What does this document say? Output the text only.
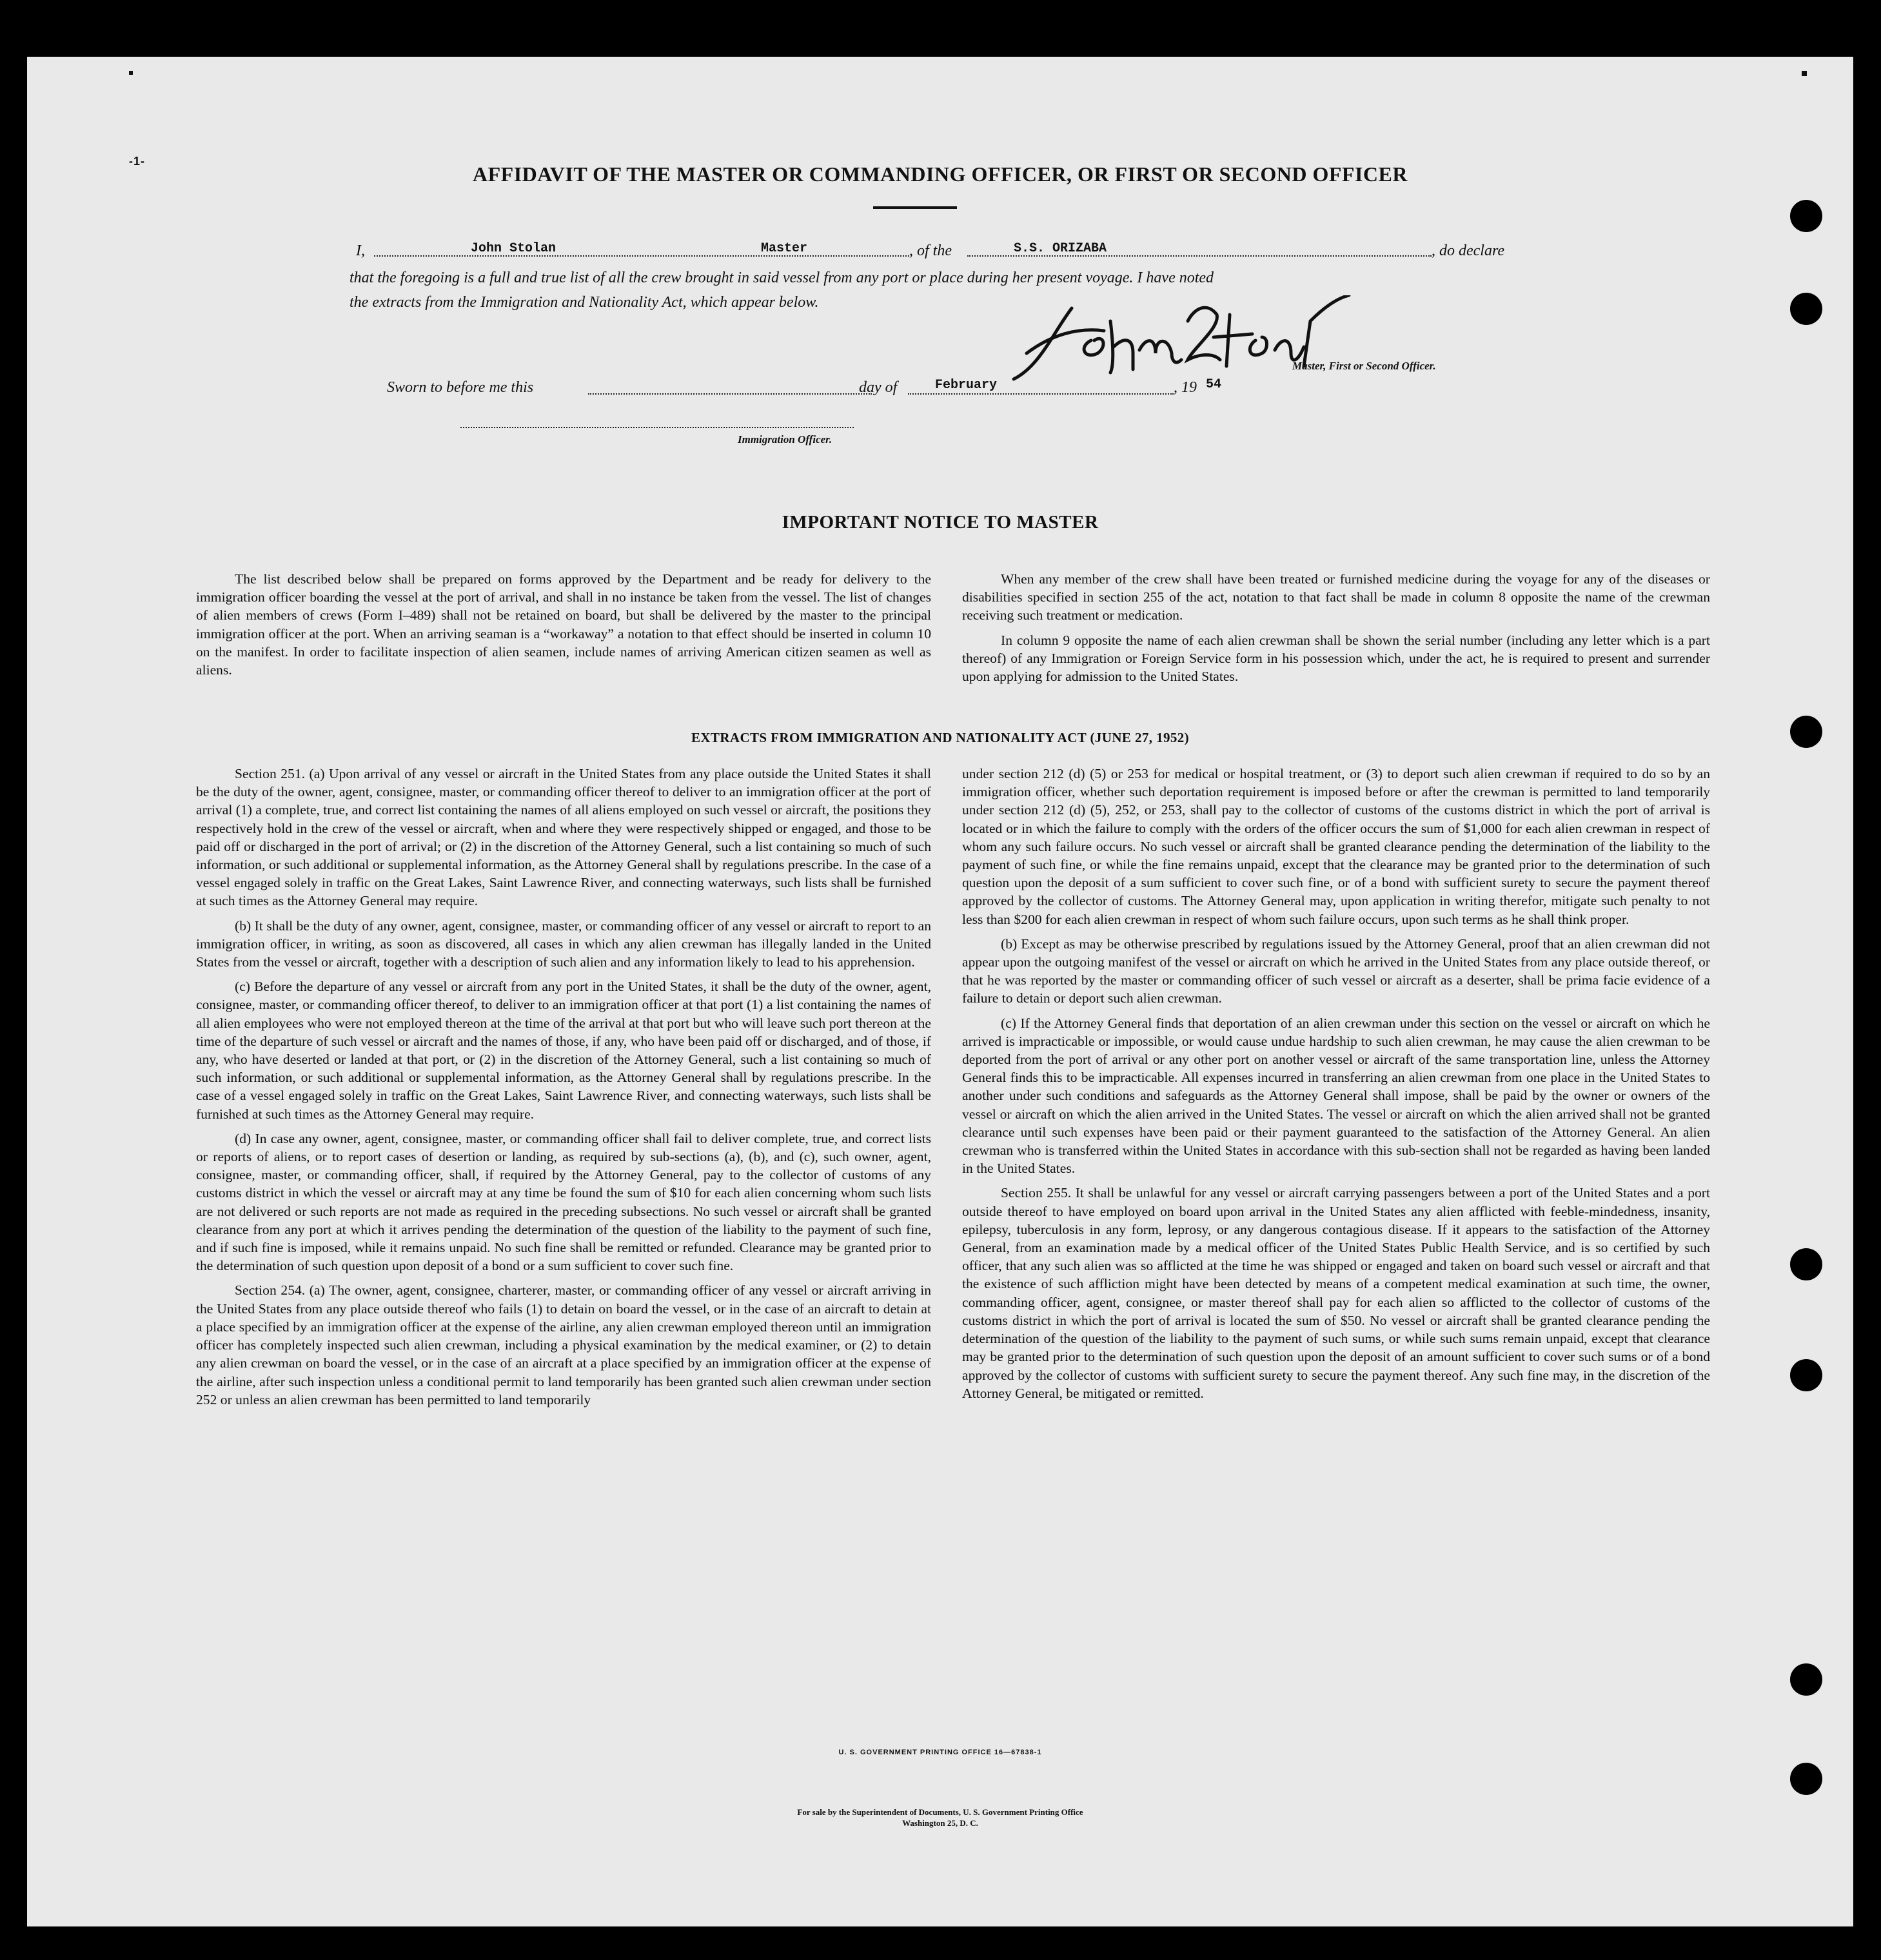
-1-
AFFIDAVIT OF THE MASTER OR COMMANDING OFFICER, OR FIRST OR SECOND OFFICER
I,	John Stolan	Master	, of the	S.S. ORIZABA	, do declare
that the foregoing is a full and true list of all the crew brought in said vessel from any port or place during her present voyage. I have noted
the extracts from the Immigration and Nationality Act, which appear below.
Master, First or Second Officer.
Sworn to before me this	day of	February	, 19 54
Immigration Officer.
IMPORTANT NOTICE TO MASTER

The list described below shall be prepared on forms approved by the Department and be ready for delivery to the immigration officer boarding the vessel at the port of arrival, and shall in no instance be taken from the vessel. The list of changes of alien members of crews (Form I–489) shall not be retained on board, but shall be delivered by the master to the principal immigration officer at the port. When an arriving seaman is a “workaway” a notation to that effect should be inserted in column 10 on the manifest. In order to facilitate inspection of alien seamen, include names of arriving American citizen seamen as well as aliens.

When any member of the crew shall have been treated or furnished medicine during the voyage for any of the diseases or disabilities specified in section 255 of the act, notation to that fact shall be made in column 8 opposite the name of the crewman receiving such treatment or medication.

In column 9 opposite the name of each alien crewman shall be shown the serial number (including any letter which is a part thereof) of any Immigration or Foreign Service form in his possession which, under the act, he is required to present and surrender upon applying for admission to the United States.

EXTRACTS FROM IMMIGRATION AND NATIONALITY ACT (JUNE 27, 1952)

Section 251. (a) Upon arrival of any vessel or aircraft in the United States from any place outside the United States it shall be the duty of the owner, agent, consignee, master, or commanding officer thereof to deliver to an immigration officer at the port of arrival (1) a complete, true, and correct list containing the names of all aliens employed on such vessel or aircraft, the positions they respectively hold in the crew of the vessel or aircraft, when and where they were respectively shipped or engaged, and those to be paid off or discharged in the port of arrival; or (2) in the discretion of the Attorney General, such a list containing so much of such information, or such additional or supplemental information, as the Attorney General shall by regulations prescribe. In the case of a vessel engaged solely in traffic on the Great Lakes, Saint Lawrence River, and connecting waterways, such lists shall be furnished at such times as the Attorney General may require.

(b) It shall be the duty of any owner, agent, consignee, master, or commanding officer of any vessel or aircraft to report to an immigration officer, in writing, as soon as discovered, all cases in which any alien crewman has illegally landed in the United States from the vessel or aircraft, together with a description of such alien and any information likely to lead to his apprehension.

(c) Before the departure of any vessel or aircraft from any port in the United States, it shall be the duty of the owner, agent, consignee, master, or commanding officer thereof, to deliver to an immigration officer at that port (1) a list containing the names of all alien employees who were not employed thereon at the time of the arrival at that port but who will leave such port thereon at the time of the departure of such vessel or aircraft and the names of those, if any, who have been paid off or discharged, and of those, if any, who have deserted or landed at that port, or (2) in the discretion of the Attorney General, such a list containing so much of such information, or such additional or supplemental information, as the Attorney General shall by regulations prescribe. In the case of a vessel engaged solely in traffic on the Great Lakes, Saint Lawrence River, and connecting waterways, such lists shall be furnished at such times as the Attorney General may require.

(d) In case any owner, agent, consignee, master, or commanding officer shall fail to deliver complete, true, and correct lists or reports of aliens, or to report cases of desertion or landing, as required by sub-sections (a), (b), and (c), such owner, agent, consignee, master, or commanding officer, shall, if required by the Attorney General, pay to the collector of customs of any customs district in which the vessel or aircraft may at any time be found the sum of $10 for each alien concerning whom such lists are not delivered or such reports are not made as required in the preceding subsections. No such vessel or aircraft shall be granted clearance from any port at which it arrives pending the determination of the question of the liability to the payment of such fine, and if such fine is imposed, while it remains unpaid. No such fine shall be remitted or refunded. Clearance may be granted prior to the determination of such question upon deposit of a bond or a sum sufficient to cover such fine.

Section 254. (a) The owner, agent, consignee, charterer, master, or commanding officer of any vessel or aircraft arriving in the United States from any place outside thereof who fails (1) to detain on board the vessel, or in the case of an aircraft to detain at a place specified by an immigration officer at the expense of the airline, any alien crewman employed thereon until an immigration officer has completely inspected such alien crewman, including a physical examination by the medical examiner, or (2) to detain any alien crewman on board the vessel, or in the case of an aircraft at a place specified by an immigration officer at the expense of the airline, after such inspection unless a conditional permit to land temporarily has been granted such alien crewman under section 252 or unless an alien crewman has been permitted to land temporarily

under section 212 (d) (5) or 253 for medical or hospital treatment, or (3) to deport such alien crewman if required to do so by an immigration officer, whether such deportation requirement is imposed before or after the crewman is permitted to land temporarily under section 212 (d) (5), 252, or 253, shall pay to the collector of customs of the customs district in which the port of arrival is located or in which the failure to comply with the orders of the officer occurs the sum of $1,000 for each alien crewman in respect of whom any such failure occurs. No such vessel or aircraft shall be granted clearance pending the determination of the liability to the payment of such fine, or while the fine remains unpaid, except that the clearance may be granted prior to the determination of such question upon the deposit of a sum sufficient to cover such fine, or of a bond with sufficient surety to secure the payment thereof approved by the collector of customs. The Attorney General may, upon application in writing therefor, mitigate such penalty to not less than $200 for each alien crewman in respect of whom such failure occurs, upon such terms as he shall think proper.

(b) Except as may be otherwise prescribed by regulations issued by the Attorney General, proof that an alien crewman did not appear upon the outgoing manifest of the vessel or aircraft on which he arrived in the United States from any place outside thereof, or that he was reported by the master or commanding officer of such vessel or aircraft as a deserter, shall be prima facie evidence of a failure to detain or deport such alien crewman.

(c) If the Attorney General finds that deportation of an alien crewman under this section on the vessel or aircraft on which he arrived is impracticable or impossible, or would cause undue hardship to such alien crewman, he may cause the alien crewman to be deported from the port of arrival or any other port on another vessel or aircraft of the same transportation line, unless the Attorney General finds this to be impracticable. All expenses incurred in transferring an alien crewman from one place in the United States to another under such conditions and safeguards as the Attorney General shall impose, shall be paid by the owner or owners of the vessel or aircraft on which the alien arrived in the United States. The vessel or aircraft on which the alien arrived shall not be granted clearance until such expenses have been paid or their payment guaranteed to the satisfaction of the Attorney General. An alien crewman who is transferred within the United States in accordance with this sub-section shall not be regarded as having been landed in the United States.

Section 255. It shall be unlawful for any vessel or aircraft carrying passengers between a port of the United States and a port outside thereof to have employed on board upon arrival in the United States any alien afflicted with feeble-mindedness, insanity, epilepsy, tuberculosis in any form, leprosy, or any dangerous contagious disease. If it appears to the satisfaction of the Attorney General, from an examination made by a medical officer of the United States Public Health Service, and is so certified by such officer, that any such alien was so afflicted at the time he was shipped or engaged and taken on board such vessel or aircraft and that the existence of such affliction might have been detected by means of a competent medical examination at such time, the owner, commanding officer, agent, consignee, or master thereof shall pay for each alien so afflicted to the collector of customs of the customs district in which the port of arrival is located the sum of $50. No vessel or aircraft shall be granted clearance pending the determination of the question of the liability to the payment of such sums, or while such sums remain unpaid, except that clearance may be granted prior to the determination of such question upon the deposit of an amount sufficient to cover such sums or of a bond approved by the collector of customs with sufficient surety to secure the payment thereof. Any such fine may, in the discretion of the Attorney General, be mitigated or remitted.

U. S. GOVERNMENT PRINTING OFFICE 16—67838-1
For sale by the Superintendent of Documents, U. S. Government Printing Office
Washington 25, D. C.
